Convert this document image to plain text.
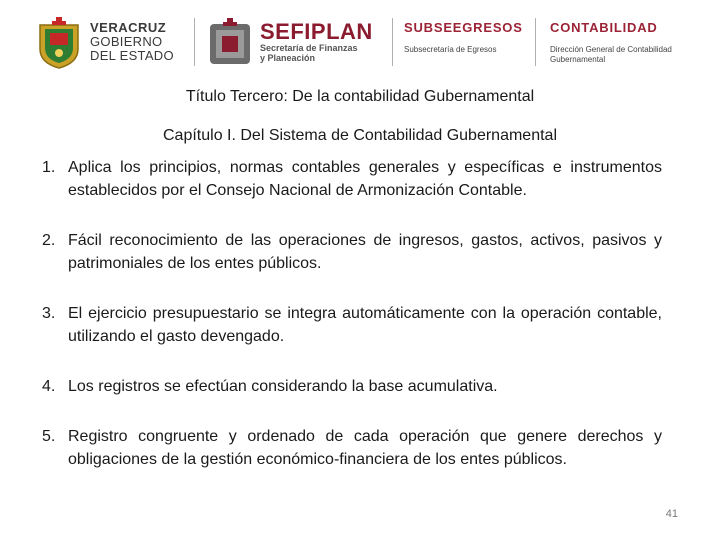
VERACRUZ
GOBIERNO
DEL ESTADO
SEFIPLAN
Secretaría de Finanzas
y Planeación
SUBSEEGRESOS
Subsecretaría de Egresos
CONTABILIDAD
Dirección General de Contabilidad
Gubernamental
Título Tercero: De la contabilidad Gubernamental
Capítulo I. Del Sistema de Contabilidad Gubernamental
1. Aplica los principios, normas contables generales y específicas e instrumentos establecidos por el Consejo Nacional de Armonización Contable.
2. Fácil reconocimiento de las operaciones de ingresos, gastos, activos, pasivos y patrimoniales de los entes públicos.
3. El ejercicio presupuestario se integra automáticamente con la operación contable, utilizando el gasto devengado.
4. Los registros se efectúan considerando la base acumulativa.
5. Registro congruente y ordenado de cada operación que genere derechos y obligaciones de la gestión económico-financiera de los entes públicos.
41
